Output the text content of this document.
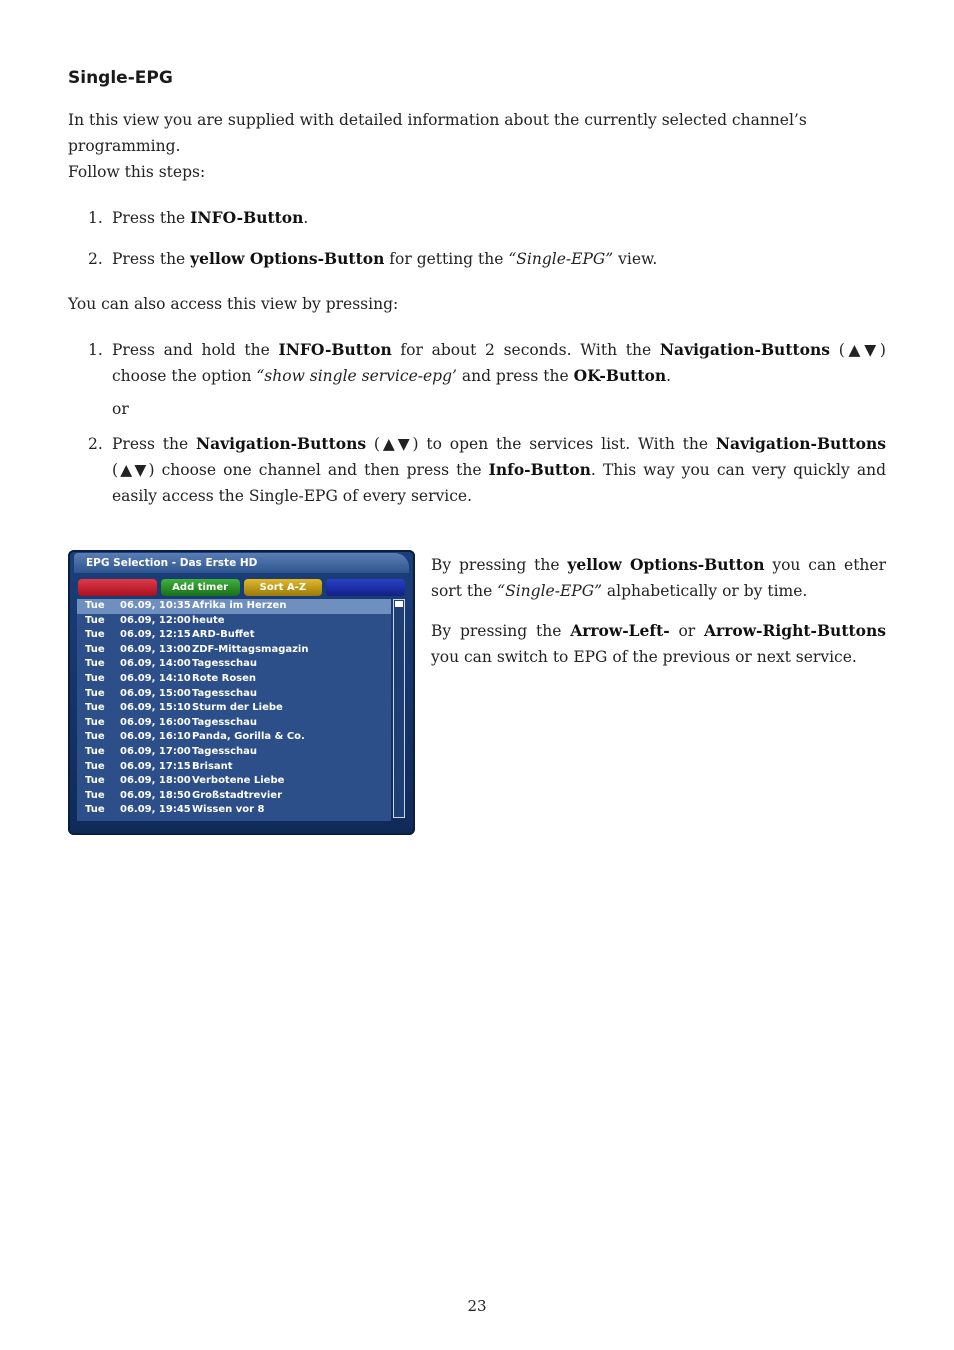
Single-EPG

In this view you are supplied with detailed information about the currently selected channel’s programming.

Follow this steps:

1. Press the INFO-Button.
2. Press the yellow Options-Button for getting the “Single-EPG” view.

You can also access this view by pressing:

1. Press and hold the INFO-Button for about 2 seconds. With the Navigation-Buttons (▲▼) choose the option “show single service-epg’ and press the OK-Button.

or

2. Press the Navigation-Buttons (▲▼) to open the services list. With the Navigation-Buttons (▲▼) choose one channel and then press the Info-Button. This way you can very quickly and easily access the Single-EPG of every service.
EPG Selection - Das Erste HD
Add timer	Sort A-Z
Tue	06.09, 10:35 Afrika im Herzen
Tue	06.09, 12:00 heute
Tue	06.09, 12:15 ARD-Buffet
Tue	06.09, 13:00 ZDF-Mittagsmagazin
Tue	06.09, 14:00 Tagesschau
Tue	06.09, 14:10 Rote Rosen
Tue	06.09, 15:00 Tagesschau
Tue	06.09, 15:10 Sturm der Liebe
Tue	06.09, 16:00 Tagesschau
Tue	06.09, 16:10 Panda, Gorilla & Co.
Tue	06.09, 17:00 Tagesschau
Tue	06.09, 17:15 Brisant
Tue	06.09, 18:00 Verbotene Liebe
Tue	06.09, 18:50 Großstadtrevier
Tue	06.09, 19:45 Wissen vor 8

By pressing the yellow Options-Button you can ether sort the “Single-EPG” alphabetically or by time.

By pressing the Arrow-Left- or Arrow-Right-Buttons you can switch to EPG of the previous or next service.

23
